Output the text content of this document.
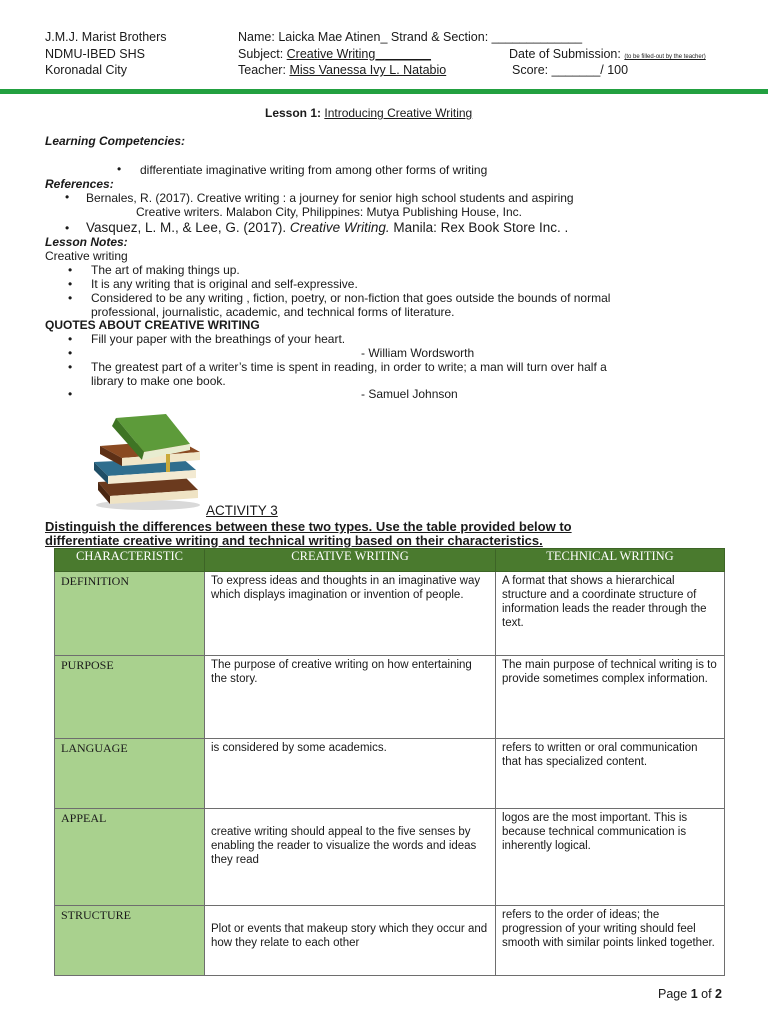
J.M.J. Marist Brothers
NDMU-IBED SHS
Koronadal City
Name: Laicka Mae Atinen_ Strand & Section: _____________
Subject: Creative Writing________	Date of Submission: (to be filled-out by the teacher)
Teacher: Miss Vanessa Ivy L. Natabio	Score: _______/ 100
Lesson 1: Introducing Creative Writing
Learning Competencies:
• differentiate imaginative writing from among other forms of writing
References:
• Bernales, R. (2017). Creative writing : a journey for senior high school students and aspiring
Creative writers. Malabon City, Philippines: Mutya Publishing House, Inc.
• Vasquez, L. M., & Lee, G. (2017). Creative Writing. Manila: Rex Book Store Inc. .
Lesson Notes:
Creative writing
• The art of making things up.
• It is any writing that is original and self-expressive.
• Considered to be any writing , fiction, poetry, or non-fiction that goes outside the bounds of normal
professional, journalistic, academic, and technical forms of literature.
QUOTES ABOUT CREATIVE WRITING
• Fill your paper with the breathings of your heart.
•	- William Wordsworth
• The greatest part of a writer’s time is spent in reading, in order to write; a man will turn over half a
library to make one book.
•	- Samuel Johnson
ACTIVITY 3
Distinguish the differences between these two types. Use the table provided below to
differentiate creative writing and technical writing based on their characteristics.
CHARACTERISTIC	CREATIVE WRITING	TECHNICAL WRITING
DEFINITION	To express ideas and thoughts in an imaginative way which displays imagination or invention of people.	A format that shows a hierarchical structure and a coordinate structure of information leads the reader through the text.
PURPOSE	The purpose of creative writing on how entertaining the story.	The main purpose of technical writing is to provide sometimes complex information.
LANGUAGE	is considered by some academics.	refers to written or oral communication that has specialized content.
APPEAL	creative writing should appeal to the five senses by enabling the reader to visualize the words and ideas they read	logos are the most important. This is because technical communication is inherently logical.
STRUCTURE	Plot or events that makeup story which they occur and how they relate to each other	refers to the order of ideas; the progression of your writing should feel smooth with similar points linked together.
Page 1 of 2
